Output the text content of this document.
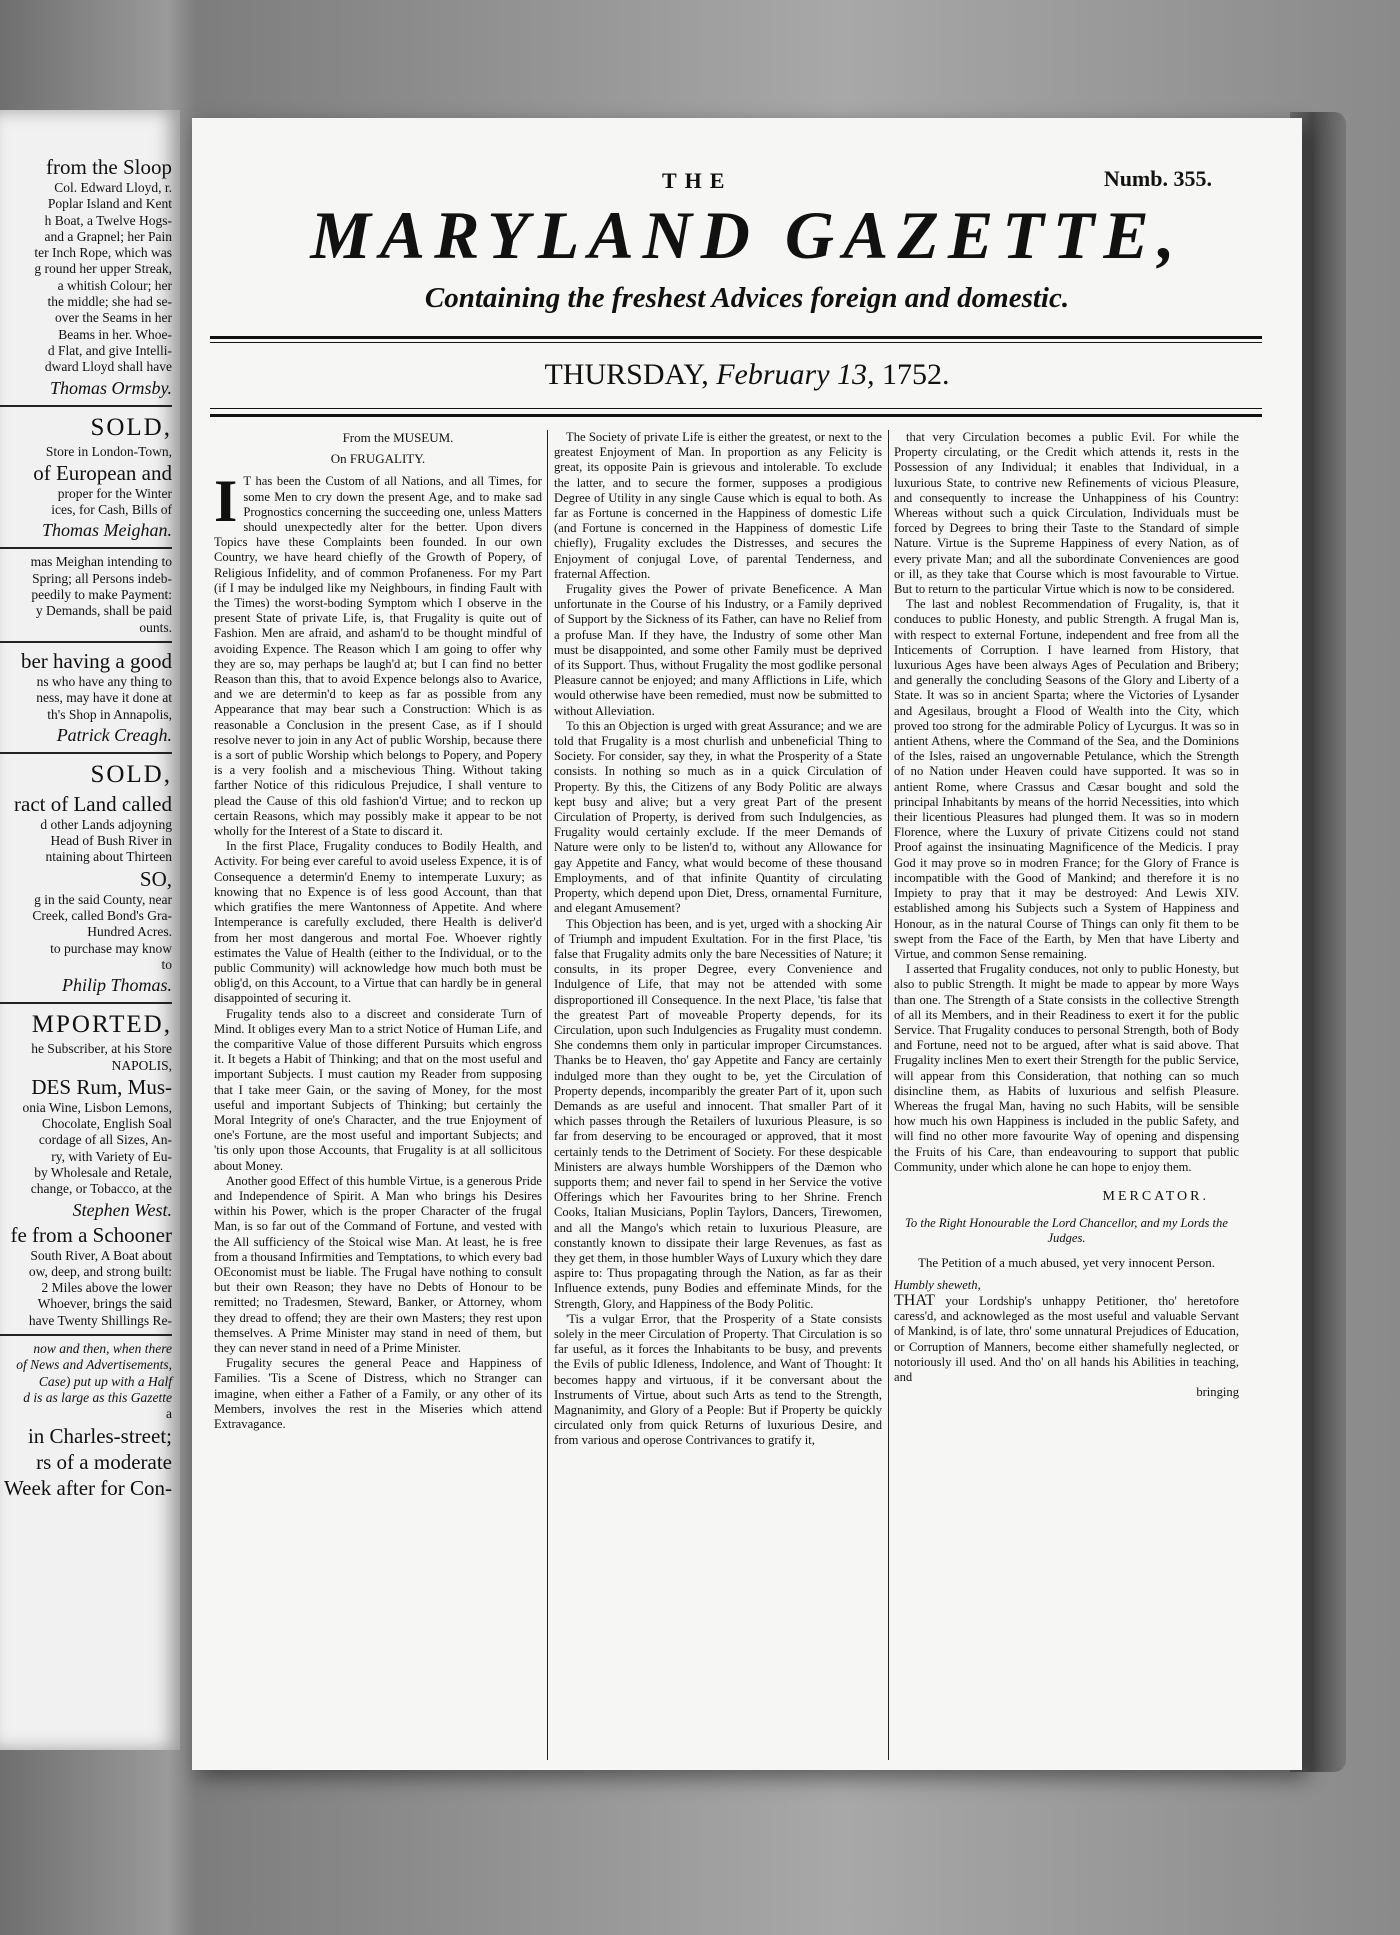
from the Sloop

Col. Edward Lloyd, r.

Poplar Island and Kent

h Boat, a Twelve Hogs-

and a Grapnel; her Pain

ter Inch Rope, which was

g round her upper Streak,

a whitish Colour; her

the middle; she had se-

over the Seams in her

Beams in her. Whoe-

d Flat, and give Intelli-

dward Lloyd shall have

Thomas Ormsby.

SOLD,

Store in London-Town,

of European and

proper for the Winter

ices, for Cash, Bills of

Thomas Meighan.

mas Meighan intending to

Spring; all Persons indeb-

peedily to make Payment:

y Demands, shall be paid

ounts.

ber having a good

ns who have any thing to

ness, may have it done at

th's Shop in Annapolis,

Patrick Creagh.

SOLD,

ract of Land called

d other Lands adjoyning

Head of Bush River in

ntaining about Thirteen

SO,

g in the said County, near

Creek, called Bond's Gra-

Hundred Acres.

to purchase may know

to

Philip Thomas.

MPORTED,

he Subscriber, at his Store

NAPOLIS,

DES Rum, Mus-

onia Wine, Lisbon Lemons,

Chocolate, English Soal

cordage of all Sizes, An-

ry, with Variety of Eu-

by Wholesale and Retale,

change, or Tobacco, at the

Stephen West.

fe from a Schooner

South River, A Boat about

ow, deep, and strong built:

2 Miles above the lower

Whoever, brings the said

have Twenty Shillings Re-

now and then, when there

of News and Advertisements,

Case) put up with a Half

d is as large as this Gazette

a

in Charles-street;

rs of a moderate

Week after for Con-

THE	Numb. 355.
MARYLAND GAZETTE,
Containing the freshest Advices foreign and domestic.
THURSDAY, February 13, 1752.

From the MUSEUM.

On FRUGALITY.

I T has been the Custom of all Nations, and all Times, for some Men to cry down the present Age, and to make sad Prognostics concerning the succeeding one, unless Matters should unexpectedly alter for the better. Upon divers Topics have these Complaints been founded. In our own Country, we have heard chiefly of the Growth of Popery, of Religious Infidelity, and of common Profaneness. For my Part (if I may be indulged like my Neighbours, in finding Fault with the Times) the worst-boding Symptom which I observe in the present State of private Life, is, that Frugality is quite out of Fashion. Men are afraid, and asham'd to be thought mindful of avoiding Expence. The Reason which I am going to offer why they are so, may perhaps be laugh'd at; but I can find no better Reason than this, that to avoid Expence belongs also to Avarice, and we are determin'd to keep as far as possible from any Appearance that may bear such a Construction: Which is as reasonable a Conclusion in the present Case, as if I should resolve never to join in any Act of public Worship, because there is a sort of public Worship which belongs to Popery, and Popery is a very foolish and a mischevious Thing. Without taking farther Notice of this ridiculous Prejudice, I shall venture to plead the Cause of this old fashion'd Virtue; and to reckon up certain Reasons, which may possibly make it appear to be not wholly for the Interest of a State to discard it.

In the first Place, Frugality conduces to Bodily Health, and Activity. For being ever careful to avoid useless Expence, it is of Consequence a determin'd Enemy to intemperate Luxury; as knowing that no Expence is of less good Account, than that which gratifies the mere Wantonness of Appetite. And where Intemperance is carefully excluded, there Health is deliver'd from her most dangerous and mortal Foe. Whoever rightly estimates the Value of Health (either to the Individual, or to the public Community) will acknowledge how much both must be oblig'd, on this Account, to a Virtue that can hardly be in general disappointed of securing it.

Frugality tends also to a discreet and considerate Turn of Mind. It obliges every Man to a strict Notice of Human Life, and the comparitive Value of those different Pursuits which engross it. It begets a Habit of Thinking; and that on the most useful and important Subjects. I must caution my Reader from supposing that I take meer Gain, or the saving of Money, for the most useful and important Subjects of Thinking; but certainly the Moral Integrity of one's Character, and the true Enjoyment of one's Fortune, are the most useful and important Subjects; and 'tis only upon those Accounts, that Frugality is at all sollicitous about Money.

Another good Effect of this humble Virtue, is a generous Pride and Independence of Spirit. A Man who brings his Desires within his Power, which is the proper Character of the frugal Man, is so far out of the Command of Fortune, and vested with the All sufficiency of the Stoical wise Man. At least, he is free from a thousand Infirmities and Temptations, to which every bad OEconomist must be liable. The Frugal have nothing to consult but their own Reason; they have no Debts of Honour to be remitted; no Tradesmen, Steward, Banker, or Attorney, whom they dread to offend; they are their own Masters; they rest upon themselves. A Prime Minister may stand in need of them, but they can never stand in need of a Prime Minister.

Frugality secures the general Peace and Happiness of Families. 'Tis a Scene of Distress, which no Stranger can imagine, when either a Father of a Family, or any other of its Members, involves the rest in the Miseries which attend Extravagance.

The Society of private Life is either the greatest, or next to the greatest Enjoyment of Man. In proportion as any Felicity is great, its opposite Pain is grievous and intolerable. To exclude the latter, and to secure the former, supposes a prodigious Degree of Utility in any single Cause which is equal to both. As far as Fortune is concerned in the Happiness of domestic Life (and Fortune is concerned in the Happiness of domestic Life chiefly), Frugality excludes the Distresses, and secures the Enjoyment of conjugal Love, of parental Tenderness, and fraternal Affection.

Frugality gives the Power of private Beneficence. A Man unfortunate in the Course of his Industry, or a Family deprived of Support by the Sickness of its Father, can have no Relief from a profuse Man. If they have, the Industry of some other Man must be disappointed, and some other Family must be deprived of its Support. Thus, without Frugality the most godlike personal Pleasure cannot be enjoyed; and many Afflictions in Life, which would otherwise have been remedied, must now be submitted to without Alleviation.

To this an Objection is urged with great Assurance; and we are told that Frugality is a most churlish and unbeneficial Thing to Society. For consider, say they, in what the Prosperity of a State consists. In nothing so much as in a quick Circulation of Property. By this, the Citizens of any Body Politic are always kept busy and alive; but a very great Part of the present Circulation of Property, is derived from such Indulgencies, as Frugality would certainly exclude. If the meer Demands of Nature were only to be listen'd to, without any Allowance for gay Appetite and Fancy, what would become of these thousand Employments, and of that infinite Quantity of circulating Property, which depend upon Diet, Dress, ornamental Furniture, and elegant Amusement?

This Objection has been, and is yet, urged with a shocking Air of Triumph and impudent Exultation. For in the first Place, 'tis false that Frugality admits only the bare Necessities of Nature; it consults, in its proper Degree, every Convenience and Indulgence of Life, that may not be attended with some disproportioned ill Consequence. In the next Place, 'tis false that the greatest Part of moveable Property depends, for its Circulation, upon such Indulgencies as Frugality must condemn. She condemns them only in particular improper Circumstances. Thanks be to Heaven, tho' gay Appetite and Fancy are certainly indulged more than they ought to be, yet the Circulation of Property depends, incomparibly the greater Part of it, upon such Demands as are useful and innocent. That smaller Part of it which passes through the Retailers of luxurious Pleasure, is so far from deserving to be encouraged or approved, that it most certainly tends to the Detriment of Society. For these despicable Ministers are always humble Worshippers of the Dæmon who supports them; and never fail to spend in her Service the votive Offerings which her Favourites bring to her Shrine. French Cooks, Italian Musicians, Poplin Taylors, Dancers, Tirewomen, and all the Mango's which retain to luxurious Pleasure, are constantly known to dissipate their large Revenues, as fast as they get them, in those humbler Ways of Luxury which they dare aspire to: Thus propagating through the Nation, as far as their Influence extends, puny Bodies and effeminate Minds, for the Strength, Glory, and Happiness of the Body Politic.

'Tis a vulgar Error, that the Prosperity of a State consists solely in the meer Circulation of Property. That Circulation is so far useful, as it forces the Inhabitants to be busy, and prevents the Evils of public Idleness, Indolence, and Want of Thought: It becomes happy and virtuous, if it be conversant about the Instruments of Virtue, about such Arts as tend to the Strength, Magnanimity, and Glory of a People: But if Property be quickly circulated only from quick Returns of luxurious Desire, and from various and operose Contrivances to gratify it,

that very Circulation becomes a public Evil. For while the Property circulating, or the Credit which attends it, rests in the Possession of any Individual; it enables that Individual, in a luxurious State, to contrive new Refinements of vicious Pleasure, and consequently to increase the Unhappiness of his Country: Whereas without such a quick Circulation, Individuals must be forced by Degrees to bring their Taste to the Standard of simple Nature. Virtue is the Supreme Happiness of every Nation, as of every private Man; and all the subordinate Conveniences are good or ill, as they take that Course which is most favourable to Virtue. But to return to the particular Virtue which is now to be considered.

The last and noblest Recommendation of Frugality, is, that it conduces to public Honesty, and public Strength. A frugal Man is, with respect to external Fortune, independent and free from all the Inticements of Corruption. I have learned from History, that luxurious Ages have been always Ages of Peculation and Bribery; and generally the concluding Seasons of the Glory and Liberty of a State. It was so in ancient Sparta; where the Victories of Lysander and Agesilaus, brought a Flood of Wealth into the City, which proved too strong for the admirable Policy of Lycurgus. It was so in antient Athens, where the Command of the Sea, and the Dominions of the Isles, raised an ungovernable Petulance, which the Strength of no Nation under Heaven could have supported. It was so in antient Rome, where Crassus and Cæsar bought and sold the principal Inhabitants by means of the horrid Necessities, into which their licentious Pleasures had plunged them. It was so in modern Florence, where the Luxury of private Citizens could not stand Proof against the insinuating Magnificence of the Medicis. I pray God it may prove so in modren France; for the Glory of France is incompatible with the Good of Mankind; and therefore it is no Impiety to pray that it may be destroyed: And Lewis XIV. established among his Subjects such a System of Happiness and Honour, as in the natural Course of Things can only fit them to be swept from the Face of the Earth, by Men that have Liberty and Virtue, and common Sense remaining.

I asserted that Frugality conduces, not only to public Honesty, but also to public Strength. It might be made to appear by more Ways than one. The Strength of a State consists in the collective Strength of all its Members, and in their Readiness to exert it for the public Service. That Frugality conduces to personal Strength, both of Body and Fortune, need not to be argued, after what is said above. That Frugality inclines Men to exert their Strength for the public Service, will appear from this Consideration, that nothing can so much disincline them, as Habits of luxurious and selfish Pleasure. Whereas the frugal Man, having no such Habits, will be sensible how much his own Happiness is included in the public Safety, and will find no other more favourite Way of opening and dispensing the Fruits of his Care, than endeavouring to support that public Community, under which alone he can hope to enjoy them.

MERCATOR.

To the Right Honourable the Lord Chancellor, and my Lords the Judges.

The Petition of a much abused, yet very innocent Person.

Humbly sheweth,

THAT your Lordship's unhappy Petitioner, tho' heretofore caress'd, and acknowleged as the most useful and valuable Servant of Mankind, is of late, thro' some unnatural Prejudices of Education, or Corruption of Manners, become either shamefully neglected, or notoriously ill used. And tho' on all hands his Abilities in teaching, and

bringing
